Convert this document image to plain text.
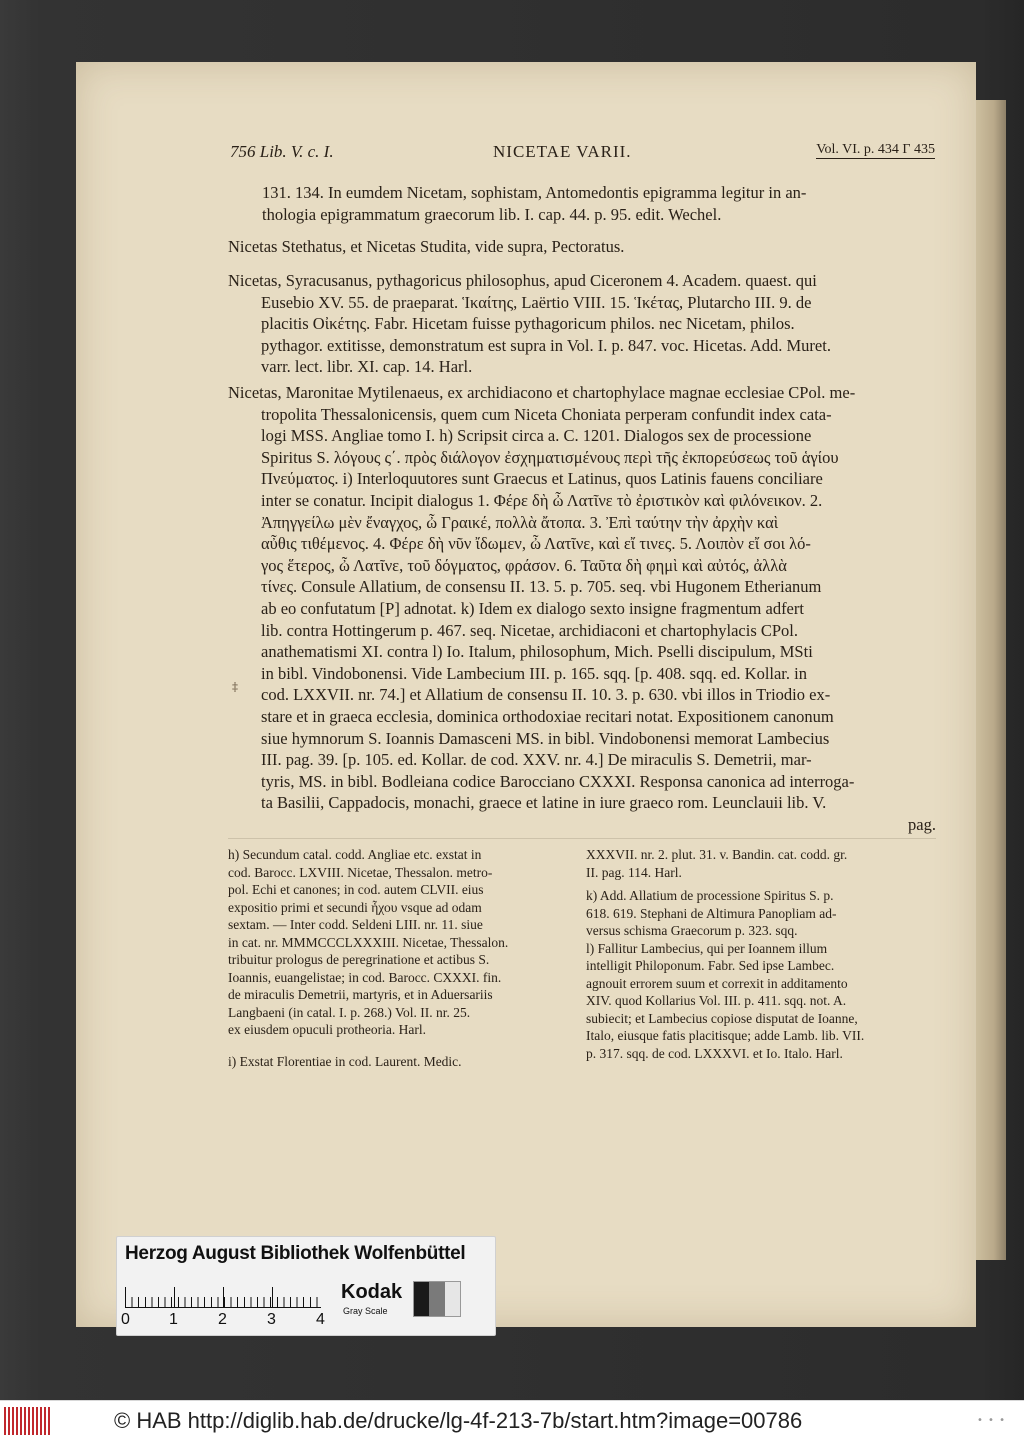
756 Lib. V. c. I.	NICETAE VARII.	Vol. VI. p. 434 Γ 435
131. 134. In eumdem Nicetam, sophistam, Antomedontis epigramma legitur in an-
thologia epigrammatum graecorum lib. I. cap. 44. p. 95. edit. Wechel.
Nicetas Stethatus, et Nicetas Studita, vide supra, Pectoratus.
Nicetas, Syracusanus, pythagoricus philosophus, apud Ciceronem 4. Academ. quaest. qui
Eusebio XV. 55. de praeparat. Ἱκαίτης, Laërtio VIII. 15. Ἱκέτας, Plutarcho III. 9. de
placitis Οἰκέτης. Fabr. Hicetam fuisse pythagoricum philos. nec Nicetam, philos.
pythagor. extitisse, demonstratum est supra in Vol. I. p. 847. voc. Hicetas. Add. Muret.
varr. lect. libr. XI. cap. 14. Harl.
Nicetas, Maronitae Mytilenaeus, ex archidiacono et chartophylace magnae ecclesiae CPol. me-
tropolita Thessalonicensis, quem cum Niceta Choniata perperam confundit index cata-
logi MSS. Angliae tomo I. h) Scripsit circa a. C. 1201. Dialogos sex de processione
Spiritus S. λόγους ς΄. πρὸς διάλογον ἐσχηματισμένους περὶ τῆς ἐκπορεύσεως τοῦ ἁγίου
Πνεύματος. i) Interloquutores sunt Graecus et Latinus, quos Latinis fauens conciliare
inter se conatur. Incipit dialogus 1. Φέρε δὴ ὦ Λατῖνε τὸ ἐριστικὸν καὶ φιλόνεικον. 2.
Ἀπηγγείλω μὲν ἔναγχος, ὦ Γραικέ, πολλὰ ἄτοπα. 3. Ἐπὶ ταύτην τὴν ἀρχὴν καὶ
αὖθις τιθέμενος. 4. Φέρε δὴ νῦν ἴδωμεν, ὦ Λατῖνε, καὶ εἴ τινες. 5. Λοιπὸν εἴ σοι λό-
γος ἕτερος, ὦ Λατῖνε, τοῦ δόγματος, φράσον. 6. Ταῦτα δὴ φημὶ καὶ αὐτός, ἀλλὰ
τίνες. Consule Allatium, de consensu II. 13. 5. p. 705. seq. vbi Hugonem Etherianum
ab eo confutatum [P] adnotat. k) Idem ex dialogo sexto insigne fragmentum adfert
lib. contra Hottingerum p. 467. seq. Nicetae, archidiaconi et chartophylacis CPol.
anathematismi XI. contra l) Io. Italum, philosophum, Mich. Pselli discipulum, MSti
in bibl. Vindobonensi. Vide Lambecium III. p. 165. sqq. [p. 408. sqq. ed. Kollar. in
cod. LXXVII. nr. 74.] et Allatium de consensu II. 10. 3. p. 630. vbi illos in Triodio ex-
stare et in graeca ecclesia, dominica orthodoxiae recitari notat. Expositionem canonum
siue hymnorum S. Ioannis Damasceni MS. in bibl. Vindobonensi memorat Lambecius
III. pag. 39. [p. 105. ed. Kollar. de cod. XXV. nr. 4.] De miraculis S. Demetrii, mar-
tyris, MS. in bibl. Bodleiana codice Barocciano CXXXI. Responsa canonica ad interroga-
ta Basilii, Cappadocis, monachi, graece et latine in iure graeco rom. Leunclauii lib. V.
pag.
‡
h) Secundum catal. codd. Angliae etc. exstat in
cod. Barocc. LXVIII. Nicetae, Thessalon. metro-
pol. Echi et canones; in cod. autem CLVII. eius
expositio primi et secundi ἦχου vsque ad odam
sextam. — Inter codd. Seldeni LIII. nr. 11. siue
in cat. nr. MMMCCCLXXXIII. Nicetae, Thessalon.
tribuitur prologus de peregrinatione et actibus S.
Ioannis, euangelistae; in cod. Barocc. CXXXI. fin.
de miraculis Demetrii, martyris, et in Aduersariis
Langbaeni (in catal. I. p. 268.) Vol. II. nr. 25.
ex eiusdem opuculi protheoria. Harl.
i) Exstat Florentiae in cod. Laurent. Medic.
XXXVII. nr. 2. plut. 31. v. Bandin. cat. codd. gr.
II. pag. 114. Harl.
k) Add. Allatium de processione Spiritus S. p.
618. 619. Stephani de Altimura Panopliam ad-
versus schisma Graecorum p. 323. sqq.
l) Fallitur Lambecius, qui per Ioannem illum
intelligit Philoponum. Fabr. Sed ipse Lambec.
agnouit errorem suum et correxit in additamento
XIV. quod Kollarius Vol. III. p. 411. sqq. not. A.
subiecit; et Lambecius copiose disputat de Ioanne,
Italo, eiusque fatis placitisque; adde Lamb. lib. VII.
p. 317. sqq. de cod. LXXXVI. et Io. Italo. Harl.
Herzog August Bibliothek Wolfenbüttel
0 1	2	3	4
Kodak
Gray Scale
© HAB http://diglib.hab.de/drucke/lg-4f-213-7b/start.htm?image=00786	• • •
